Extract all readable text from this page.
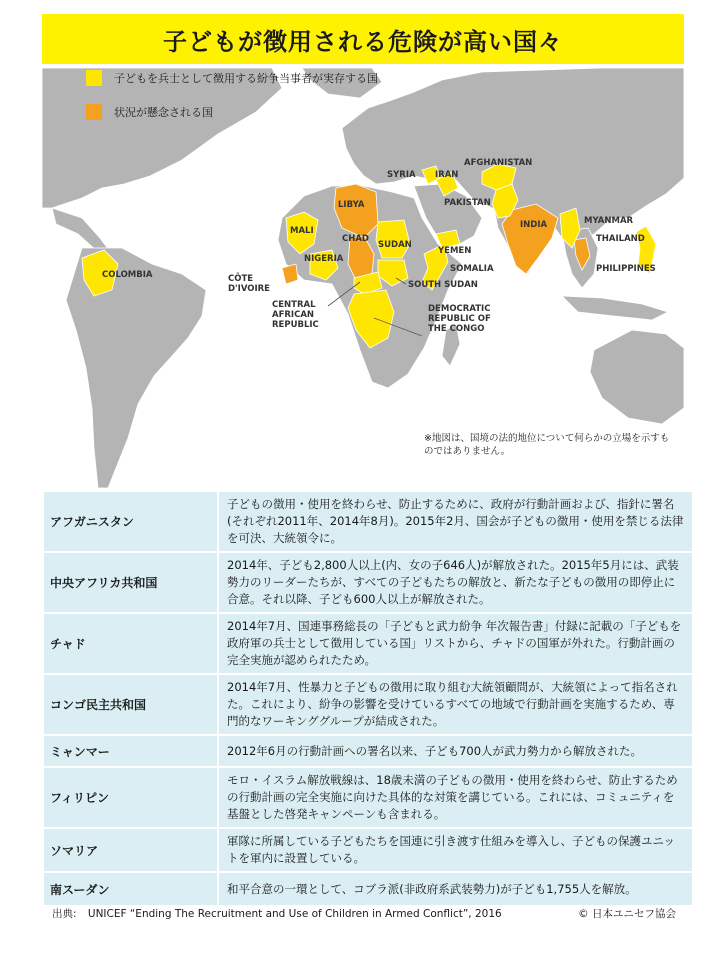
子どもが徴用される危険が高い国々
子どもを兵士として徴用する紛争当事者が実存する国
状況が懸念される国
AFGHANISTAN
SYRIA IRAN
PAKISTAN
LIBYA
INDIA	MYANMAR
THAILAND
MALI
CHAD
SUDAN
YEMEN
NIGERIA
SOMALIA
SOUTH SUDAN
PHILIPPINES
COLOMBIA	CÔTE
D'IVOIRE
CENTRAL
AFRICAN
REPUBLIC
DEMOCRATIC
REPUBLIC OF
THE CONGO
※地図は、国境の法的地位について何らかの立場を示すものではありません。
アフガニスタン	子どもの徴用・使用を終わらせ、防止するために、政府が行動計画および、指針に署名(それぞれ2011年、2014年8月)。2015年2月、国会が子どもの徴用・使用を禁じる法律を可決、大統領令に。
中央アフリカ共和国	2014年、子ども2,800人以上(内、女の子646人)が解放された。2015年5月には、武装勢力のリーダーたちが、すべての子どもたちの解放と、新たな子どもの徴用の即停止に合意。それ以降、子ども600人以上が解放された。
チャド	2014年7月、国連事務総長の「子どもと武力紛争 年次報告書」付録に記載の「子どもを政府軍の兵士として徴用している国」リストから、チャドの国軍が外れた。行動計画の完全実施が認められたため。
コンゴ民主共和国	2014年7月、性暴力と子どもの徴用に取り組む大統領顧問が、大統領によって指名された。これにより、紛争の影響を受けているすべての地域で行動計画を実施するため、専門的なワーキンググループが結成された。
ミャンマー	2012年6月の行動計画への署名以来、子ども700人が武力勢力から解放された。
フィリピン	モロ・イスラム解放戦線は、18歳未満の子どもの徴用・使用を終わらせ、防止するための行動計画の完全実施に向けた具体的な対策を講じている。これには、コミュニティを基盤とした啓発キャンペーンも含まれる。
ソマリア	軍隊に所属している子どもたちを国連に引き渡す仕組みを導入し、子どもの保護ユニットを軍内に設置している。
南スーダン	和平合意の一環として、コブラ派(非政府系武装勢力)が子ども1,755人を解放。
出典: UNICEF “Ending The Recruitment and Use of Children in Armed Conflict”, 2016	© 日本ユニセフ協会
